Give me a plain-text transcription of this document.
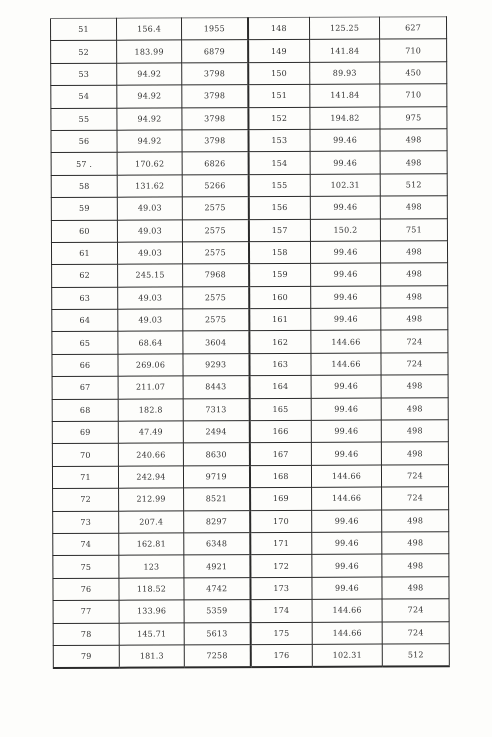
51	156.4	1955	148	125.25	627
52	183.99	6879	149	141.84	710
53	94.92	3798	150	89.93	450
54	94.92	3798	151	141.84	710
55	94.92	3798	152	194.82	975
56	94.92	3798	153	99.46	498
57 .	170.62	6826	154	99.46	498
58	131.62	5266	155	102.31	512
59	49.03	2575	156	99.46	498
60	49.03	2575	157	150.2	751
61	49.03	2575	158	99.46	498
62	245.15	7968	159	99.46	498
63	49.03	2575	160	99.46	498
64	49.03	2575	161	99.46	498
65	68.64	3604	162	144.66	724
66	269.06	9293	163	144.66	724
67	211.07	8443	164	99.46	498
68	182.8	7313	165	99.46	498
69	47.49	2494	166	99.46	498
70	240.66	8630	167	99.46	498
71	242.94	9719	168	144.66	724
72	212.99	8521	169	144.66	724
73	207.4	8297	170	99.46	498
74	162.81	6348	171	99.46	498
75	123	4921	172	99.46	498
76	118.52	4742	173	99.46	498
77	133.96	5359	174	144.66	724
78	145.71	5613	175	144.66	724
79	181.3	7258	176	102.31	512
